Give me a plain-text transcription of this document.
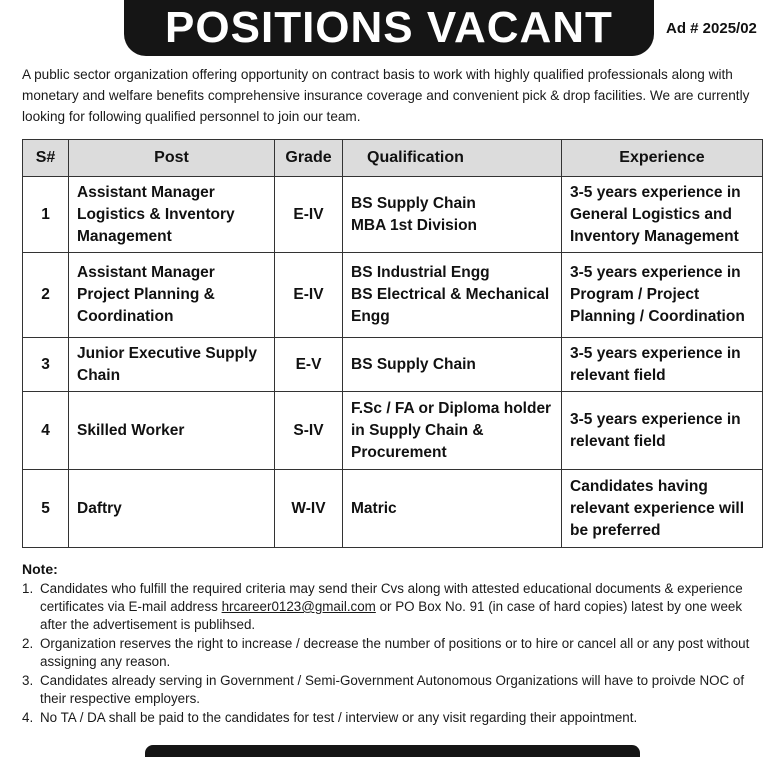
POSITIONS VACANT	Ad # 2025/02

A public sector organization offering opportunity on contract basis to work with highly qualified professionals along with monetary and welfare benefits comprehensive insurance coverage and convenient pick & drop facilities. We are currently looking for following qualified personnel to join our team.

S#	Post	Grade	Qualification	Experience
1	Assistant Manager
Logistics & Inventory
Management	E-IV	BS Supply Chain
MBA 1st Division	3-5 years experience in
General Logistics and
Inventory Management

2	Assistant Manager
Project Planning &
Coordination	E-IV	BS Industrial Engg
BS Electrical & Mechanical
Engg	3-5 years experience in
Program / Project
Planning / Coordination

3	Junior Executive Supply
Chain	E-V	BS Supply Chain	3-5 years experience in
relevant field

4	Skilled Worker	S-IV	F.Sc / FA or Diploma holder
in Supply Chain &
Procurement	3-5 years experience in
relevant field

5	Daftry	W-IV	Matric	Candidates having
relevant experience will
be preferred
Note:
1. Candidates who fulfill the required criteria may send their Cvs along with attested educational documents & experience certificates via E-mail address hrcareer0123@gmail.com or PO Box No. 91 (in case of hard copies) latest by one week after the advertisement is publihsed.
2. Organization reserves the right to increase / decrease the number of positions or to hire or cancel all or any post without assigning any reason.
3. Candidates already serving in Government / Semi-Government Autonomous Organizations will have to proivde NOC of their respective employers.
4. No TA / DA shall be paid to the candidates for test / interview or any visit regarding their appointment.
